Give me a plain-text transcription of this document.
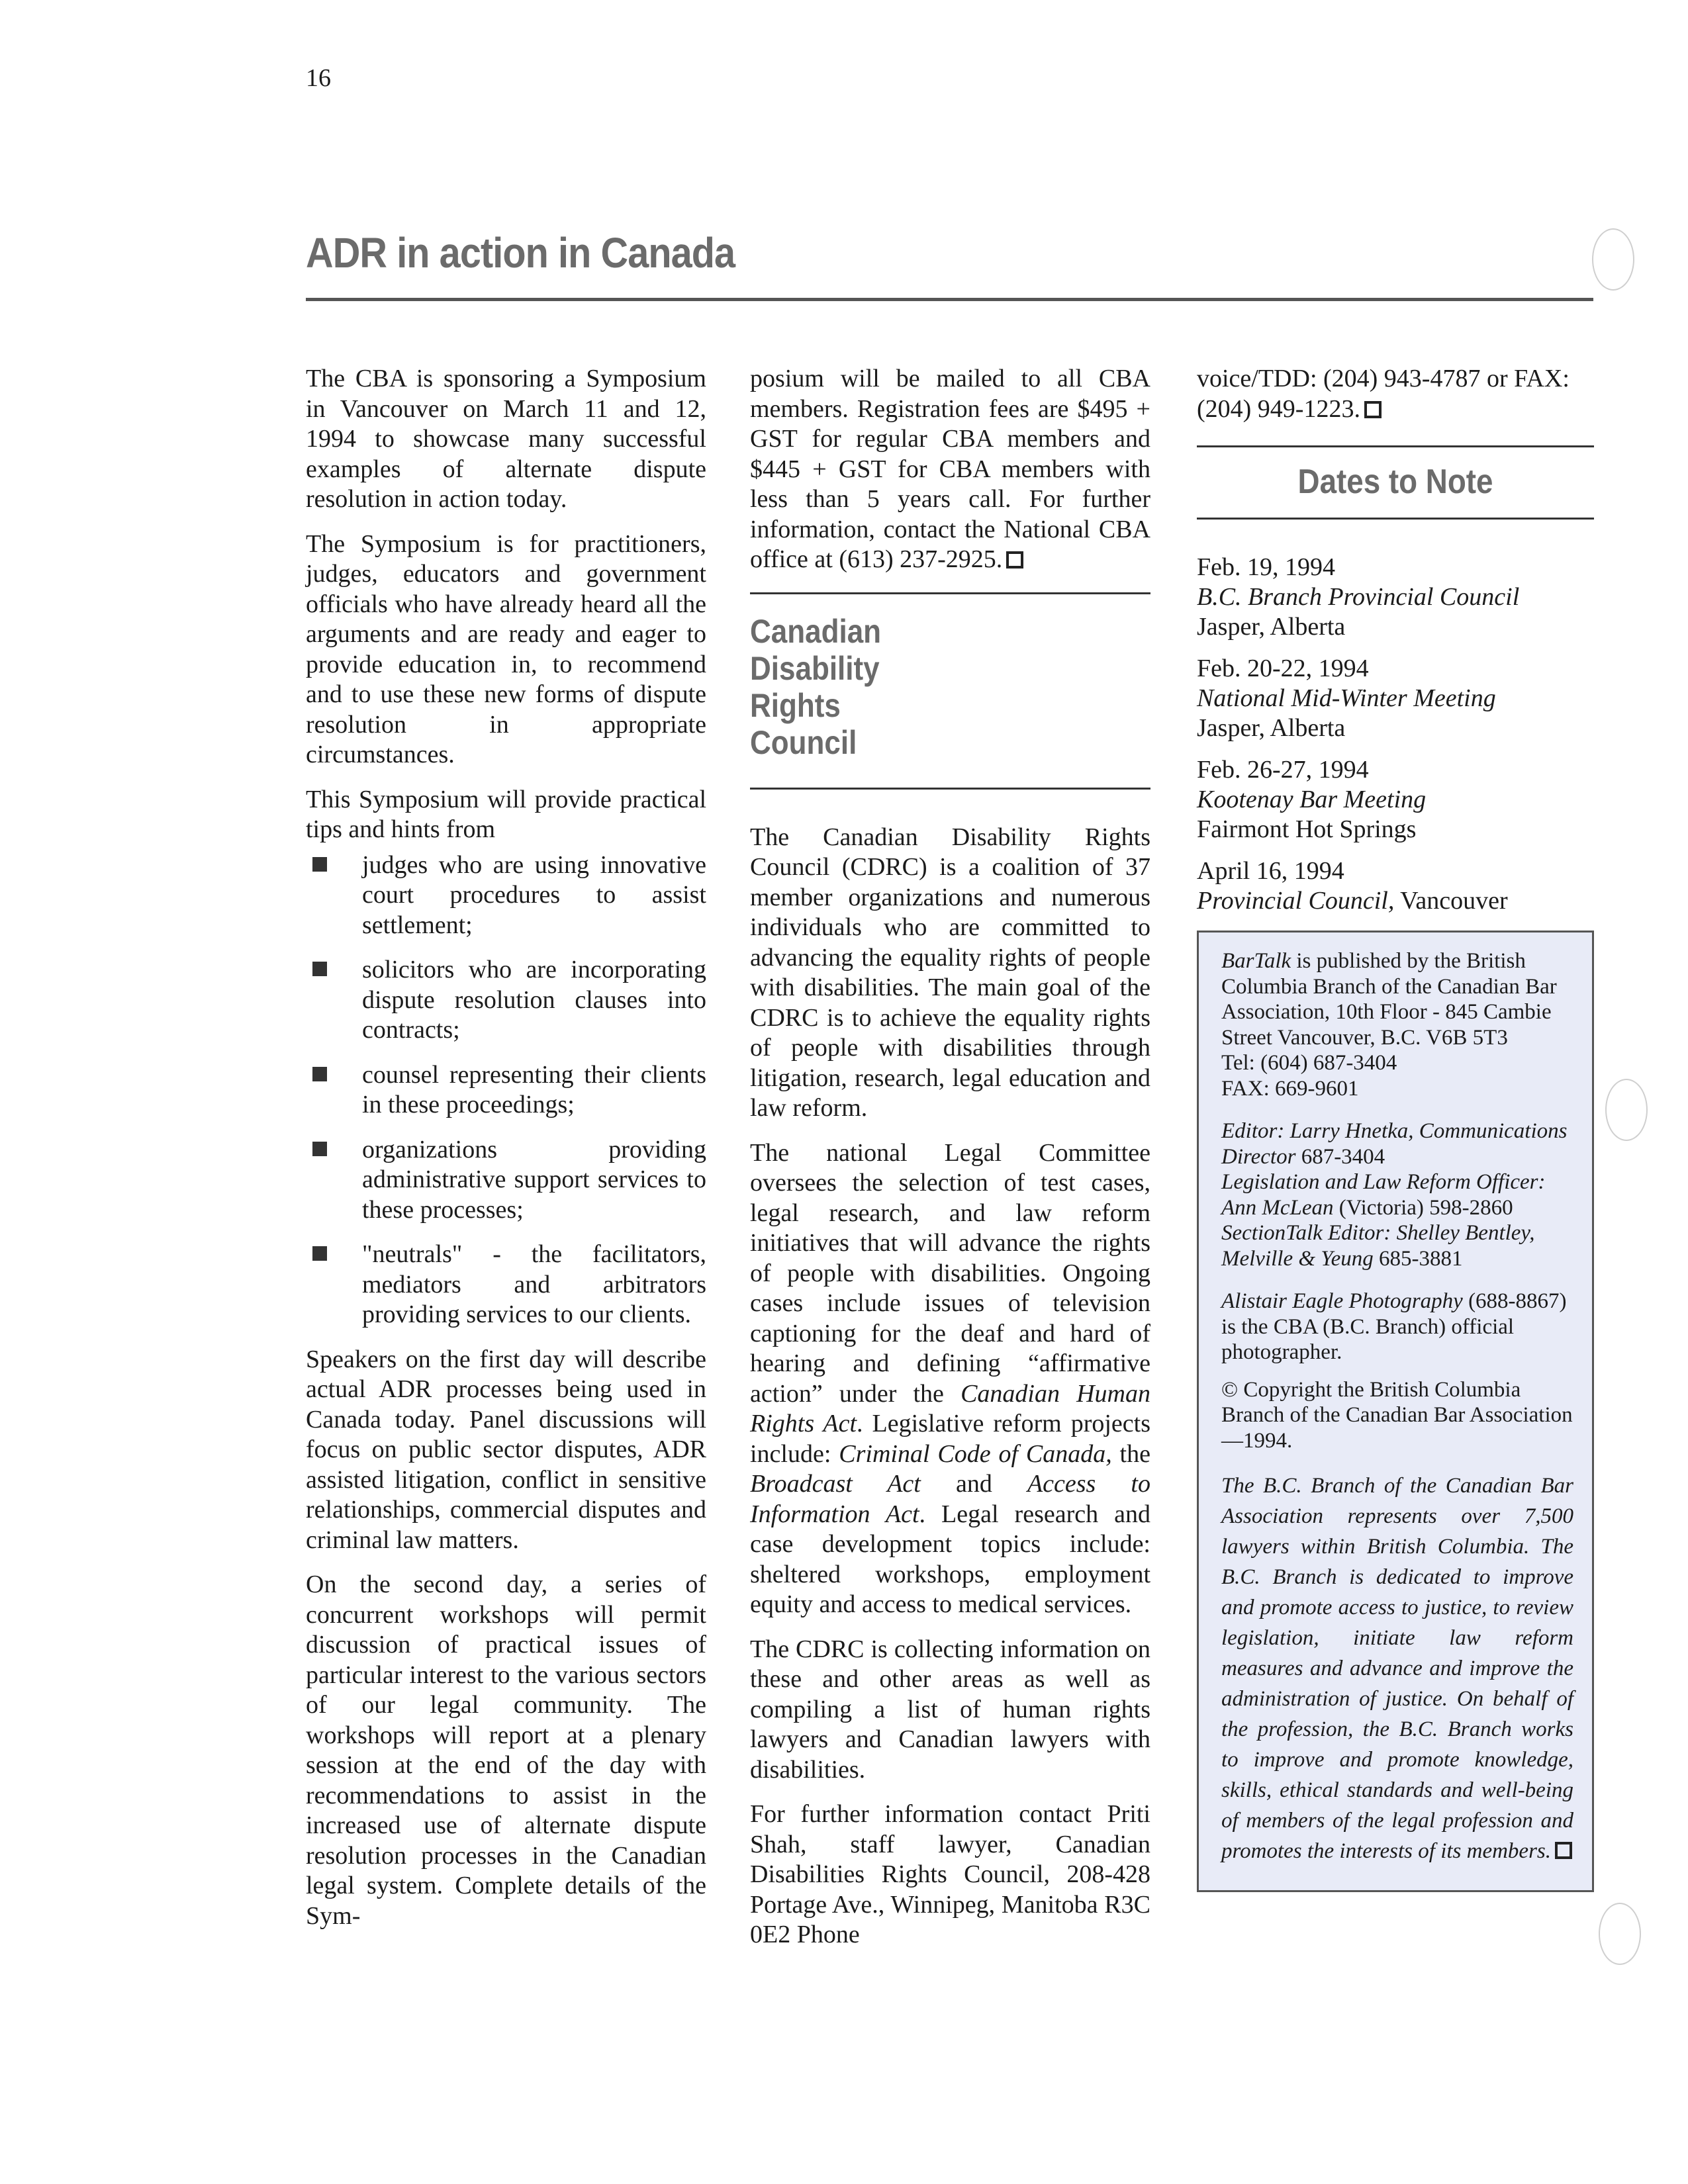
16
ADR in action in Canada

The CBA is sponsoring a Symposium in Vancouver on March 11 and 12, 1994 to showcase many successful examples of alternate dispute resolution in action today.

The Symposium is for practitioners, judges, educators and government officials who have already heard all the arguments and are ready and eager to provide education in, to recommend and to use these new forms of dispute resolution in appropriate circumstances.

This Symposium will provide practical tips and hints from

judges who are using innovative court procedures to assist settlement;
solicitors who are incorporating dispute resolution clauses into contracts;
counsel representing their clients in these proceedings;
organizations providing administrative support services to these processes;
"neutrals" - the facilitators, mediators and arbitrators providing services to our clients.

Speakers on the first day will describe actual ADR processes being used in Canada today. Panel discussions will focus on public sector disputes, ADR assisted litigation, conflict in sensitive relationships, commercial disputes and criminal law matters.

On the second day, a series of concurrent workshops will permit discussion of practical issues of particular interest to the various sectors of our legal community. The workshops will report at a plenary session at the end of the day with recommendations to assist in the increased use of alternate dispute resolution processes in the Canadian legal system. Complete details of the Sym-

posium will be mailed to all CBA members. Registration fees are $495 + GST for regular CBA members and $445 + GST for CBA members with less than 5 years call. For further information, contact the National CBA office at (613) 237-2925.

Canadian Disability Rights Council

The Canadian Disability Rights Council (CDRC) is a coalition of 37 member organizations and numerous individuals who are committed to advancing the equality rights of people with disabilities. The main goal of the CDRC is to achieve the equality rights of people with disabilities through litigation, research, legal education and law reform.

The national Legal Committee oversees the selection of test cases, legal research, and law reform initiatives that will advance the rights of people with disabilities. Ongoing cases include issues of television captioning for the deaf and hard of hearing and defining “affirmative action” under the Canadian Human Rights Act. Legislative reform projects include: Criminal Code of Canada, the Broadcast Act and Access to Information Act. Legal research and case development topics include: sheltered workshops, employment equity and access to medical services.

The CDRC is collecting information on these and other areas as well as compiling a list of human rights lawyers and Canadian lawyers with disabilities.

For further information contact Priti Shah, staff lawyer, Canadian Disabilities Rights Council, 208-428 Portage Ave., Winnipeg, Manitoba R3C 0E2 Phone

voice/TDD: (204) 943-4787 or FAX: (204) 949-1223.

Dates to Note
Feb. 19, 1994
B.C. Branch Provincial Council
Jasper, Alberta
Feb. 20-22, 1994
National Mid-Winter Meeting
Jasper, Alberta
Feb. 26-27, 1994
Kootenay Bar Meeting
Fairmont Hot Springs
April 16, 1994
Provincial Council, Vancouver

BarTalk is published by the British Columbia Branch of the Canadian Bar Association, 10th Floor - 845 Cambie Street Vancouver, B.C. V6B 5T3
Tel: (604) 687-3404
FAX: 669-9601

Editor: Larry Hnetka, Communications Director 687-3404
Legislation and Law Reform Officer: Ann McLean (Victoria) 598-2860
SectionTalk Editor: Shelley Bentley, Melville & Yeung 685-3881

Alistair Eagle Photography (688-8867) is the CBA (B.C. Branch) official photographer.

© Copyright the British Columbia Branch of the Canadian Bar Association—1994.

The B.C. Branch of the Canadian Bar Association represents over 7,500 lawyers within British Columbia. The B.C. Branch is dedicated to improve and promote access to justice, to review legislation, initiate law reform measures and advance and improve the administration of justice. On behalf of the profession, the B.C. Branch works to improve and promote knowledge, skills, ethical standards and well-being of members of the legal profession and promotes the interests of its members.
